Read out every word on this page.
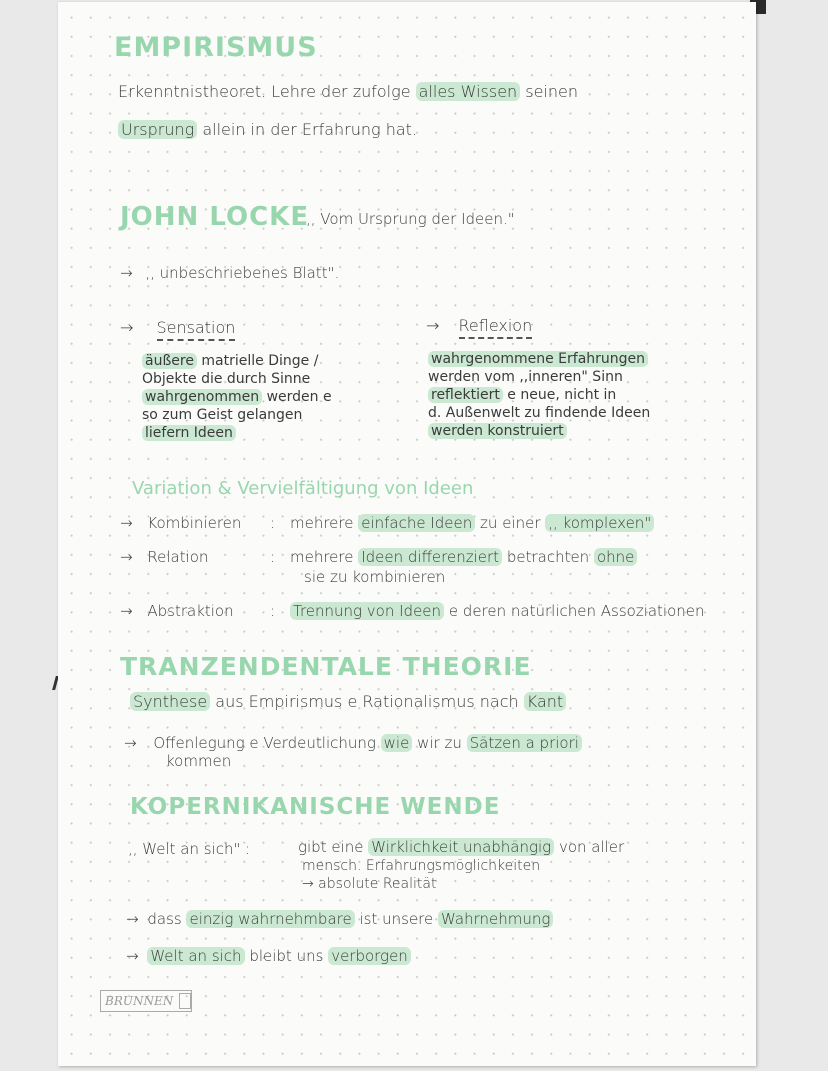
EMPIRISMUS
Erkenntnistheoret. Lehre der zufolge alles Wissen seinen
Ursprung allein in der Erfahrung hat.
JOHN LOCKE
,, Vom Ursprung der Ideen."
→ ,, unbeschriebenes Blatt".
→ Sensation
äußere matrielle Dinge /
Objekte die durch Sinne
wahrgenommen werden e
so zum Geist gelangen
liefern Ideen
→ Reflexion
wahrgenommene Erfahrungen
werden vom ,,inneren" Sinn
reflektiert e neue, nicht in
d. Außenwelt zu findende Ideen
werden konstruiert
Variation & Vervielfältigung von Ideen
→ Kombinieren : mehrere einfache Ideen zu einer ,, komplexen"
→ Relation	: mehrere Ideen differenziert betrachten ohne
sie zu kombinieren
→ Abstraktion : Trennung von Ideen e deren natürlichen Assoziationen
TRANZENDENTALE THEORIE
Synthese aus Empirismus e Rationalismus nach Kant
→ Offenlegung e Verdeutlichung wie wir zu Sätzen a priori
kommen
KOPERNIKANISCHE WENDE
,, Welt an sich" :	gibt eine Wirklichkeit unabhängig von aller
mensch. Erfahrungsmöglichkeiten
→ absolute Realität
→ dass einzig wahrnehmbare ist unsere Wahrnehmung
→ Welt an sich bleibt uns verborgen
BRUNNEN
